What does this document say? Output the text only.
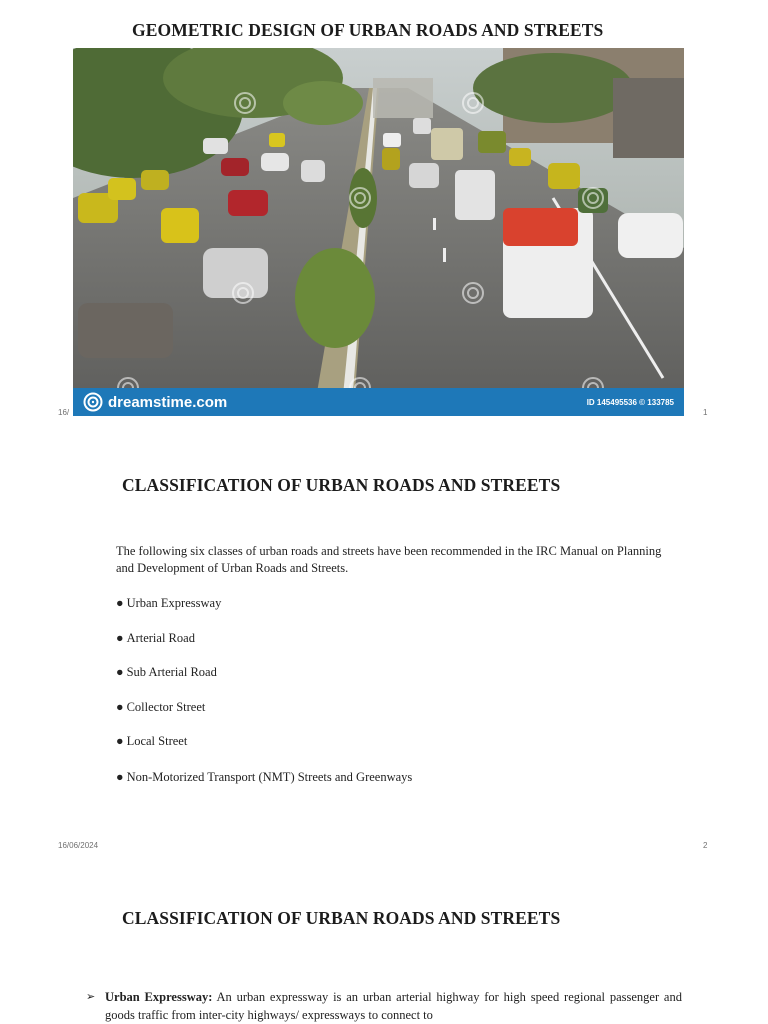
GEOMETRIC DESIGN OF URBAN ROADS AND STREETS
dreamstime.com	ID 145495536 © 133785
16/	1
CLASSIFICATION OF URBAN ROADS AND STREETS
The following six classes of urban roads and streets have been recommended in the IRC Manual on Planning and Development of Urban Roads and Streets.
● Urban Expressway
● Arterial Road
● Sub Arterial Road
● Collector Street
● Local Street
● Non-Motorized Transport (NMT) Streets and Greenways
16/06/2024	2
CLASSIFICATION OF URBAN ROADS AND STREETS
➢ Urban Expressway: An urban expressway is an urban arterial highway for high speed regional passenger and goods traffic from inter-city highways/ expressways to connect to
